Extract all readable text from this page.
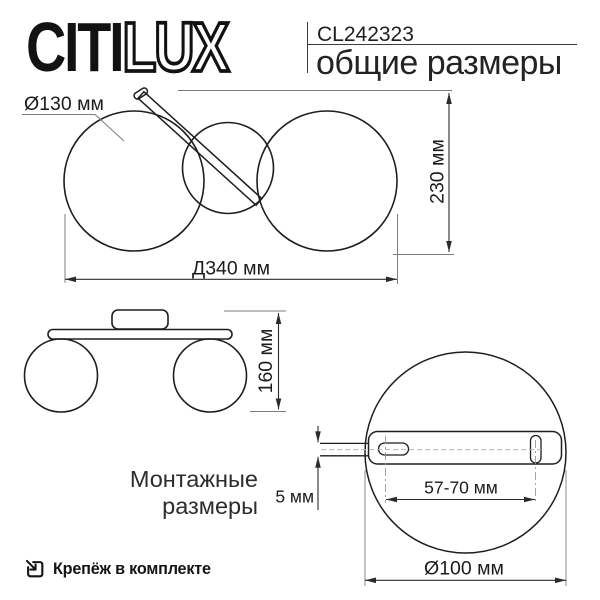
CITILUX	CL242323
общие размеры
Ø130 мм
230 мм
Д340 мм
160 мм
57-70 мм
Ø100 мм
5 мм
Монтажные
размеры
Крепёж в комплекте
